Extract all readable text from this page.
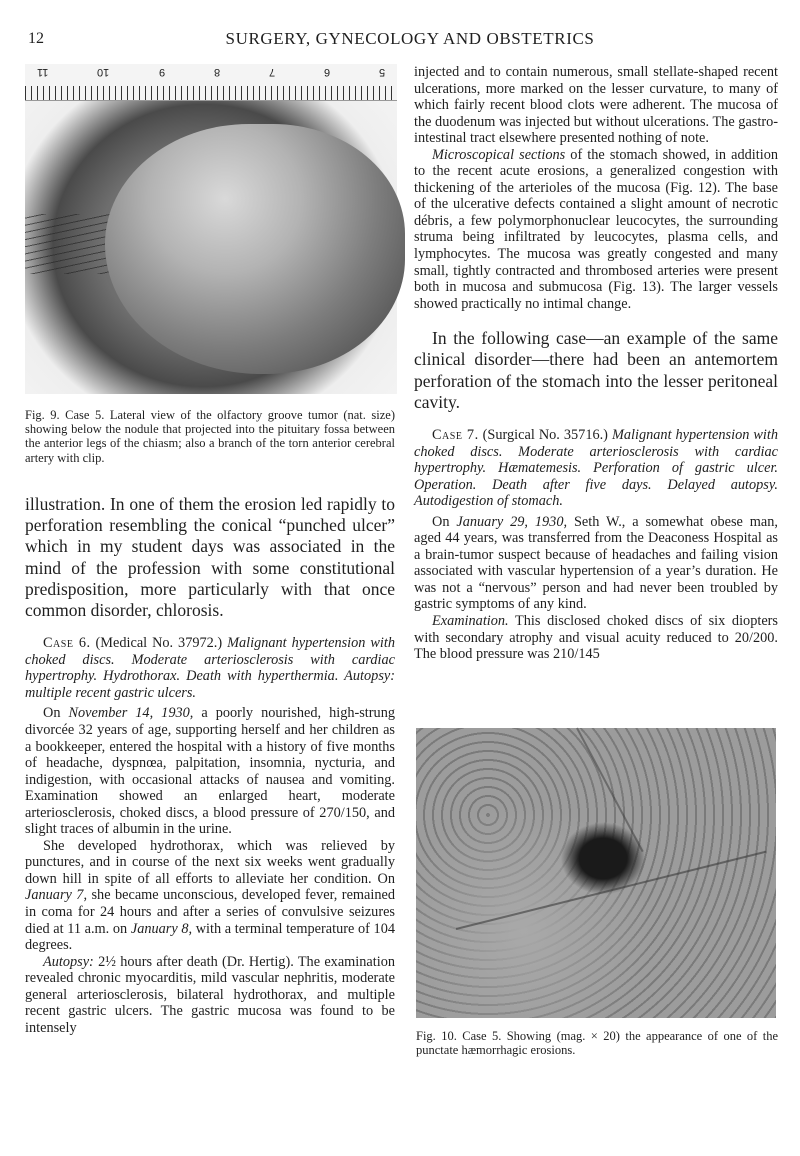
12	SURGERY, GYNECOLOGY AND OBSTETRICS
11	10	9	8	7	6	5
Fig. 9. Case 5. Lateral view of the olfactory groove tumor (nat. size) showing below the nodule that projected into the pituitary fossa between the anterior legs of the chiasm; also a branch of the torn anterior cerebral artery with clip.

illustration. In one of them the erosion led rapidly to perforation resembling the conical “punched ulcer” which in my student days was associated in the mind of the profession with some constitutional predisposition, more particularly with that once common disorder, chlorosis.

Case 6. (Medical No. 37972.) Malignant hypertension with choked discs. Moderate arteriosclerosis with cardiac hypertrophy. Hydrothorax. Death with hyperthermia. Autopsy: multiple recent gastric ulcers.

On November 14, 1930, a poorly nourished, high-strung divorcée 32 years of age, supporting herself and her children as a bookkeeper, entered the hospital with a history of five months of headache, dyspnœa, palpitation, insomnia, nycturia, and indigestion, with occasional attacks of nausea and vomiting. Examination showed an enlarged heart, moderate arteriosclerosis, choked discs, a blood pressure of 270/150, and slight traces of albumin in the urine.

She developed hydrothorax, which was relieved by punctures, and in course of the next six weeks went gradually down hill in spite of all efforts to alleviate her condition. On January 7, she became unconscious, developed fever, remained in coma for 24 hours and after a series of convulsive seizures died at 11 a.m. on January 8, with a terminal temperature of 104 degrees.

Autopsy: 2½ hours after death (Dr. Hertig). The examination revealed chronic myocarditis, mild vascular nephritis, moderate general arteriosclerosis, bilateral hydrothorax, and multiple recent gastric ulcers. The gastric mucosa was found to be intensely

injected and to contain numerous, small stellate-shaped recent ulcerations, more marked on the lesser curvature, to many of which fairly recent blood clots were adherent. The mucosa of the duodenum was injected but without ulcerations. The gastro-intestinal tract elsewhere presented nothing of note.

Microscopical sections of the stomach showed, in addition to the recent acute erosions, a generalized congestion with thickening of the arterioles of the mucosa (Fig. 12). The base of the ulcerative defects contained a slight amount of necrotic débris, a few polymorphonuclear leucocytes, the surrounding struma being infiltrated by leucocytes, plasma cells, and lymphocytes. The mucosa was greatly congested and many small, tightly contracted and thrombosed arteries were present both in mucosa and submucosa (Fig. 13). The larger vessels showed practically no intimal change.

In the following case—an example of the same clinical disorder—there had been an antemortem perforation of the stomach into the lesser peritoneal cavity.

Case 7. (Surgical No. 35716.) Malignant hypertension with choked discs. Moderate arteriosclerosis with cardiac hypertrophy. Hæmatemesis. Perforation of gastric ulcer. Operation. Death after five days. Delayed autopsy. Autodigestion of stomach.

On January 29, 1930, Seth W., a somewhat obese man, aged 44 years, was transferred from the Deaconess Hospital as a brain-tumor suspect because of headaches and failing vision associated with vascular hypertension of a year’s duration. He was not a “nervous” person and had never been troubled by gastric symptoms of any kind.

Examination. This disclosed choked discs of six diopters with secondary atrophy and visual acuity reduced to 20/200. The blood pressure was 210/145

Fig. 10. Case 5. Showing (mag. × 20) the appearance of one of the punctate hæmorrhagic erosions.
